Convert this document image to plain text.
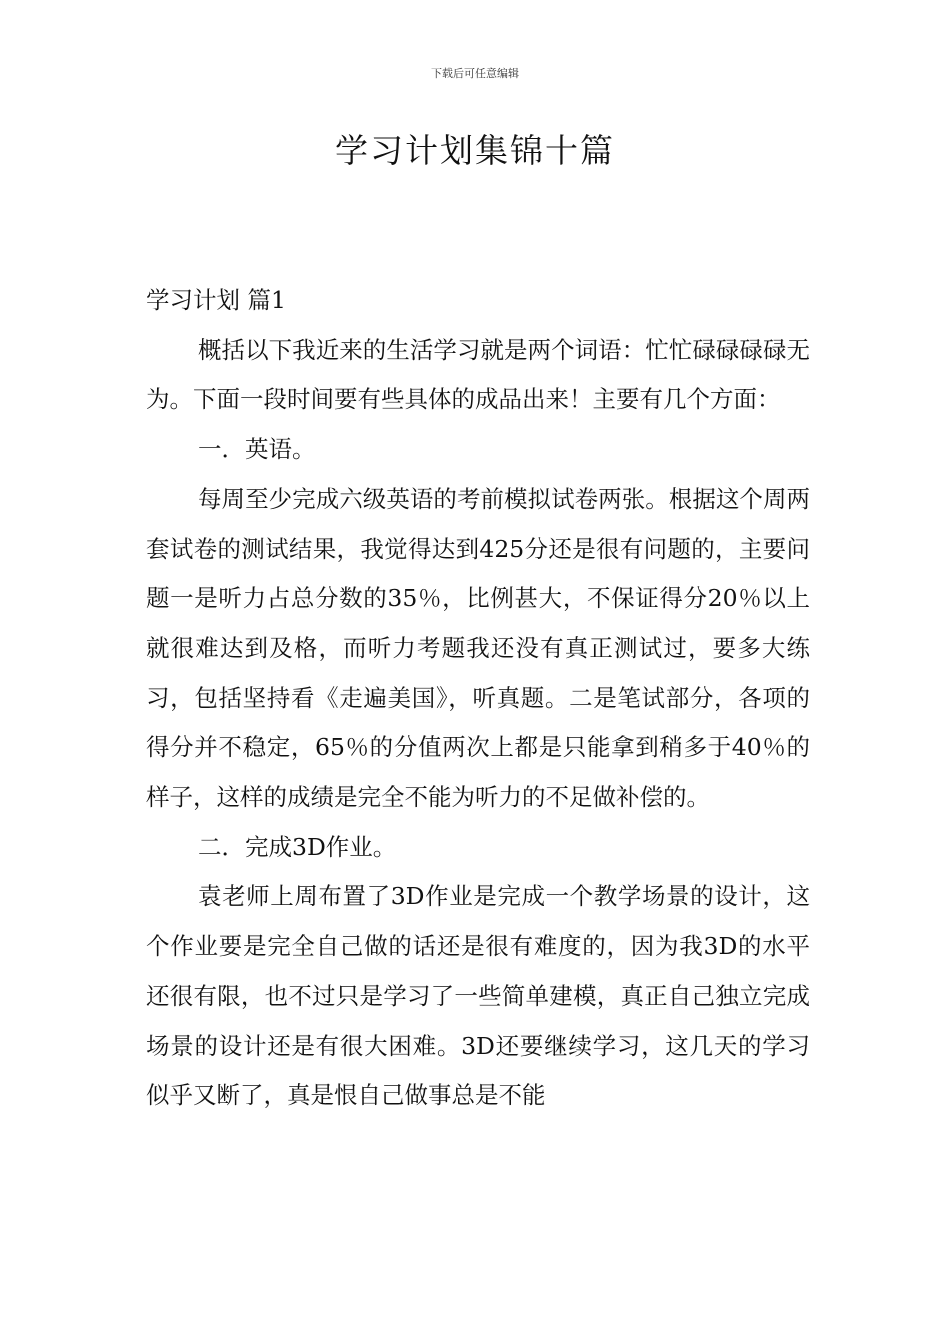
下载后可任意编辑
学习计划集锦十篇

学习计划 篇1

概括以下我近来的生活学习就是两个词语：忙忙碌碌碌碌无为。下面一段时间要有些具体的成品出来！主要有几个方面：

一．英语。

每周至少完成六级英语的考前模拟试卷两张。根据这个周两套试卷的测试结果，我觉得达到425分还是很有问题的，主要问题一是听力占总分数的35％，比例甚大，不保证得分20％以上就很难达到及格，而听力考题我还没有真正测试过，要多大练习，包括坚持看《走遍美国》，听真题。二是笔试部分，各项的得分并不稳定，65％的分值两次上都是只能拿到稍多于40％的样子，这样的成绩是完全不能为听力的不足做补偿的。

二．完成3D作业。

袁老师上周布置了3D作业是完成一个教学场景的设计，这个作业要是完全自己做的话还是很有难度的，因为我3D的水平还很有限，也不过只是学习了一些简单建模，真正自己独立完成场景的设计还是有很大困难。3D还要继续学习，这几天的学习似乎又断了，真是恨自己做事总是不能
